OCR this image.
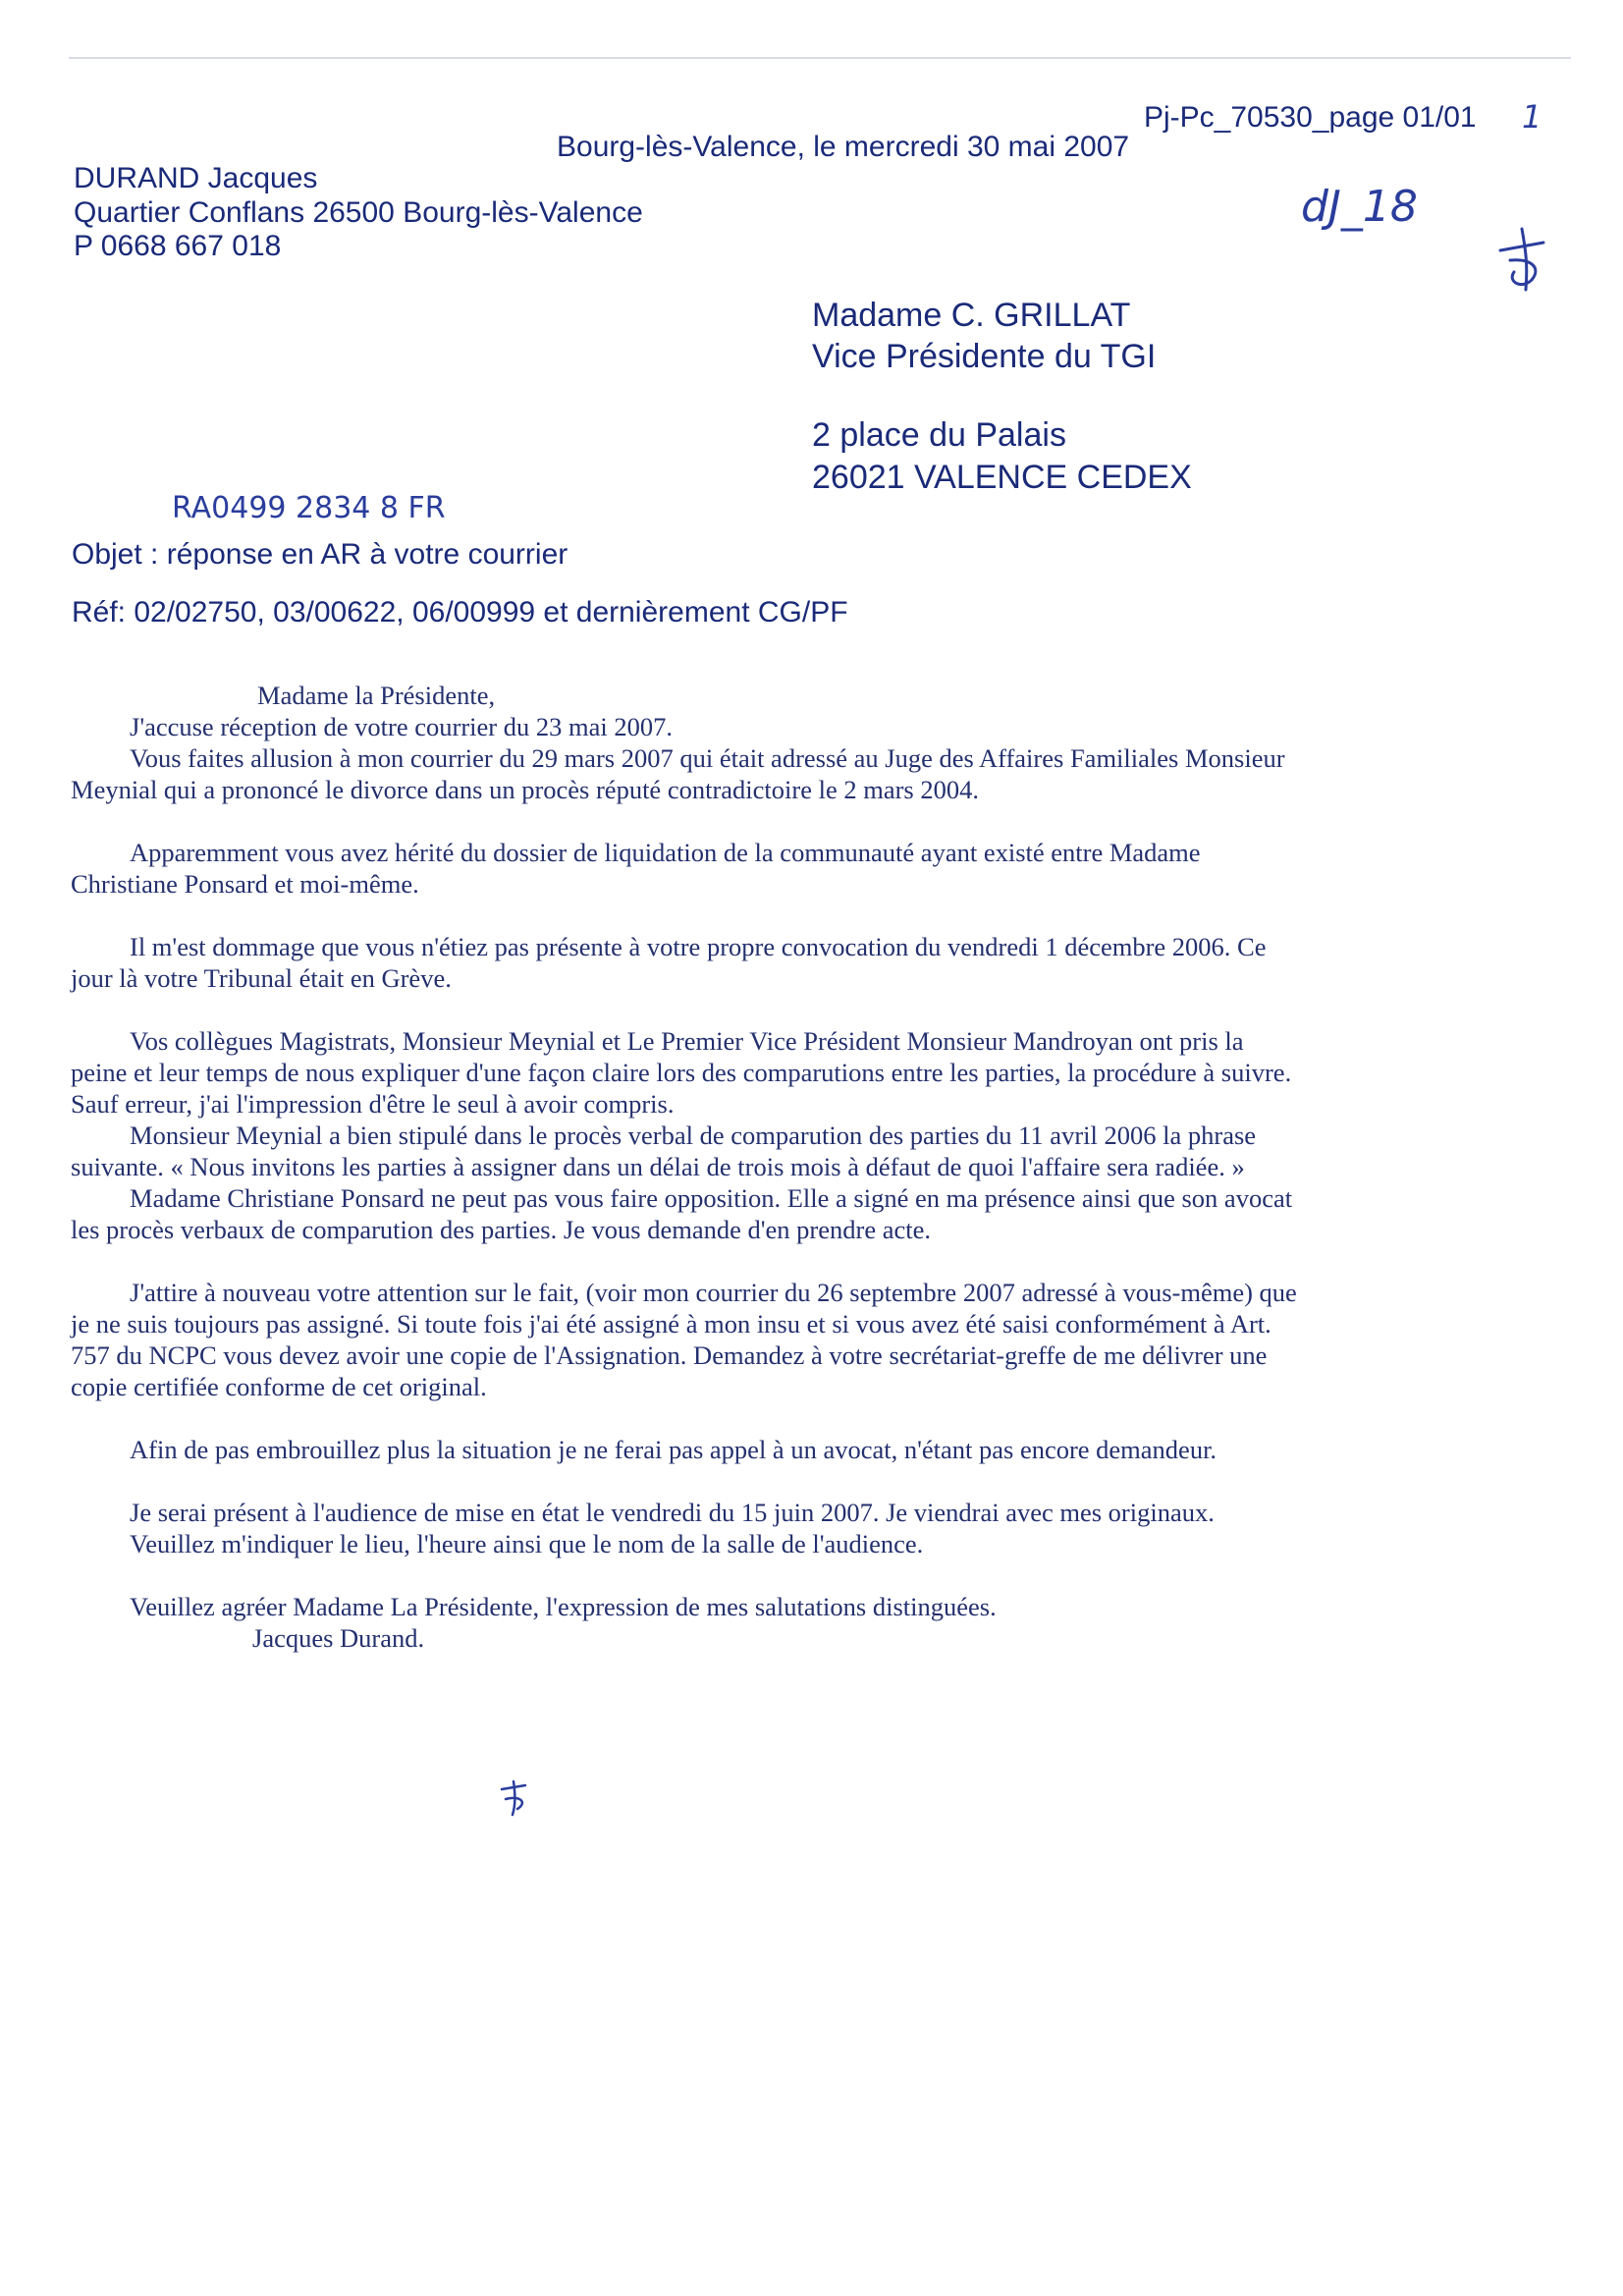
Pj-Pc_70530_page 01/01 1
Bourg-lès-Valence, le mercredi 30 mai 2007
DURAND Jacques
Quartier Conflans 26500 Bourg-lès-Valence
P 0668 667 018
dJ_18
Madame C. GRILLAT
Vice Présidente du TGI
2 place du Palais
26021 VALENCE CEDEX
RA0499 2834 8 FR
Objet : réponse en AR à votre courrier
Réf: 02/02750, 03/00622, 06/00999 et dernièrement CG/PF

Madame la Présidente,

J'accuse réception de votre courrier du 23 mai 2007.

Vous faites allusion à mon courrier du 29 mars 2007 qui était adressé au Juge des Affaires Familiales Monsieur

Meynial qui a prononcé le divorce dans un procès réputé contradictoire le 2 mars 2004.

Apparemment vous avez hérité du dossier de liquidation de la communauté ayant existé entre Madame

Christiane Ponsard et moi-même.

Il m'est dommage que vous n'étiez pas présente à votre propre convocation du vendredi 1 décembre 2006. Ce

jour là votre Tribunal était en Grève.

Vos collègues Magistrats, Monsieur Meynial et Le Premier Vice Président Monsieur Mandroyan ont pris la

peine et leur temps de nous expliquer d'une façon claire lors des comparutions entre les parties, la procédure à suivre.

Sauf erreur, j'ai l'impression d'être le seul à avoir compris.

Monsieur Meynial a bien stipulé dans le procès verbal de comparution des parties du 11 avril 2006 la phrase

suivante. « Nous invitons les parties à assigner dans un délai de trois mois à défaut de quoi l'affaire sera radiée. »

Madame Christiane Ponsard ne peut pas vous faire opposition. Elle a signé en ma présence ainsi que son avocat

les procès verbaux de comparution des parties. Je vous demande d'en prendre acte.

J'attire à nouveau votre attention sur le fait, (voir mon courrier du 26 septembre 2007 adressé à vous-même) que

je ne suis toujours pas assigné. Si toute fois j'ai été assigné à mon insu et si vous avez été saisi conformément à Art.

757 du NCPC vous devez avoir une copie de l'Assignation. Demandez à votre secrétariat-greffe de me délivrer une

copie certifiée conforme de cet original.

Afin de pas embrouillez plus la situation je ne ferai pas appel à un avocat, n'étant pas encore demandeur.

Je serai présent à l'audience de mise en état le vendredi du 15 juin 2007. Je viendrai avec mes originaux.

Veuillez m'indiquer le lieu, l'heure ainsi que le nom de la salle de l'audience.

Veuillez agréer Madame La Présidente, l'expression de mes salutations distinguées.

Jacques Durand.
